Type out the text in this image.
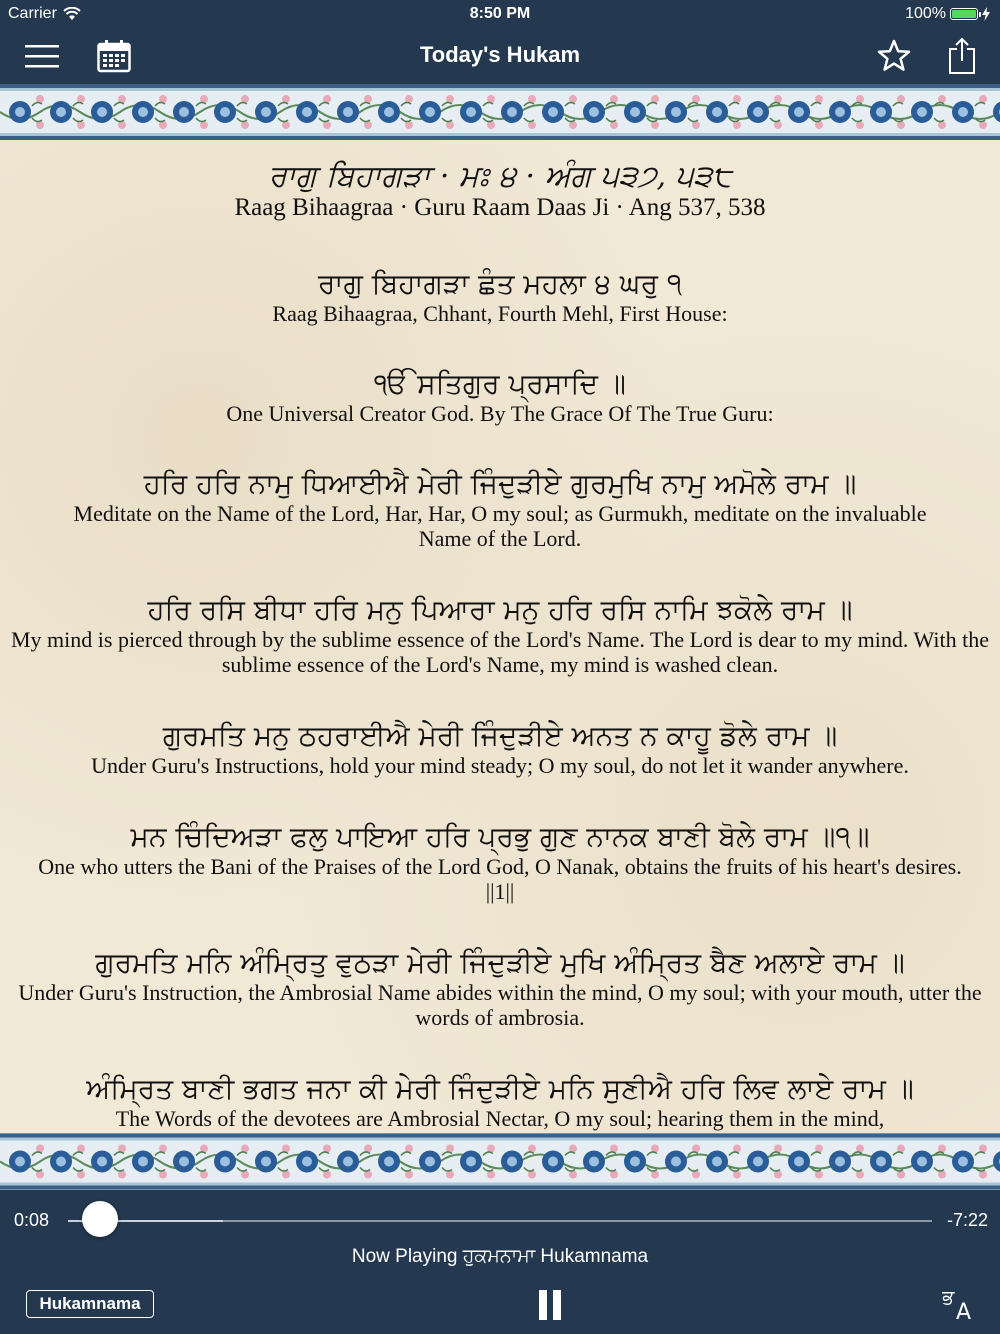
Carrier	8:50 PM	100%
Today's Hukam
ਰਾਗੁ ਬਿਹਾਗੜਾ · ਮਃ ੪ · ਅੰਗ ੫੩੭, ੫੩੮
Raag Bihaagraa · Guru Raam Daas Ji · Ang 537, 538
ਰਾਗੁ ਬਿਹਾਗੜਾ ਛੰਤ ਮਹਲਾ ੪ ਘਰੁ ੧
Raag Bihaagraa, Chhant, Fourth Mehl, First House:
ੴ ਸਤਿਗੁਰ ਪ੍ਰਸਾਦਿ ॥
One Universal Creator God. By The Grace Of The True Guru:
ਹਰਿ ਹਰਿ ਨਾਮੁ ਧਿਆਈਐ ਮੇਰੀ ਜਿੰਦੁੜੀਏ ਗੁਰਮੁਖਿ ਨਾਮੁ ਅਮੋਲੇ ਰਾਮ ॥
Meditate on the Name of the Lord, Har, Har, O my soul; as Gurmukh, meditate on the invaluable Name of the Lord.
ਹਰਿ ਰਸਿ ਬੀਧਾ ਹਰਿ ਮਨੁ ਪਿਆਰਾ ਮਨੁ ਹਰਿ ਰਸਿ ਨਾਮਿ ਝਕੋਲੇ ਰਾਮ ॥
My mind is pierced through by the sublime essence of the Lord's Name. The Lord is dear to my mind. With the sublime essence of the Lord's Name, my mind is washed clean.
ਗੁਰਮਤਿ ਮਨੁ ਠਹਰਾਈਐ ਮੇਰੀ ਜਿੰਦੁੜੀਏ ਅਨਤ ਨ ਕਾਹੂ ਡੋਲੇ ਰਾਮ ॥
Under Guru's Instructions, hold your mind steady; O my soul, do not let it wander anywhere.
ਮਨ ਚਿੰਦਿਅੜਾ ਫਲੁ ਪਾਇਆ ਹਰਿ ਪ੍ਰਭੁ ਗੁਣ ਨਾਨਕ ਬਾਣੀ ਬੋਲੇ ਰਾਮ ॥੧॥
One who utters the Bani of the Praises of the Lord God, O Nanak, obtains the fruits of his heart's desires. ||1||
ਗੁਰਮਤਿ ਮਨਿ ਅੰਮ੍ਰਿਤੁ ਵੁਠੜਾ ਮੇਰੀ ਜਿੰਦੁੜੀਏ ਮੁਖਿ ਅੰਮ੍ਰਿਤ ਬੈਣ ਅਲਾਏ ਰਾਮ ॥
Under Guru's Instruction, the Ambrosial Name abides within the mind, O my soul; with your mouth, utter the words of ambrosia.
ਅੰਮ੍ਰਿਤ ਬਾਣੀ ਭਗਤ ਜਨਾ ਕੀ ਮੇਰੀ ਜਿੰਦੁੜੀਏ ਮਨਿ ਸੁਣੀਐ ਹਰਿ ਲਿਵ ਲਾਏ ਰਾਮ ॥
The Words of the devotees are Ambrosial Nectar, O my soul; hearing them in the mind,
0:08	-7:22
Now Playing ਹੁਕਮਨਾਮਾ Hukamnama
Hukamnama	ਭ
A
